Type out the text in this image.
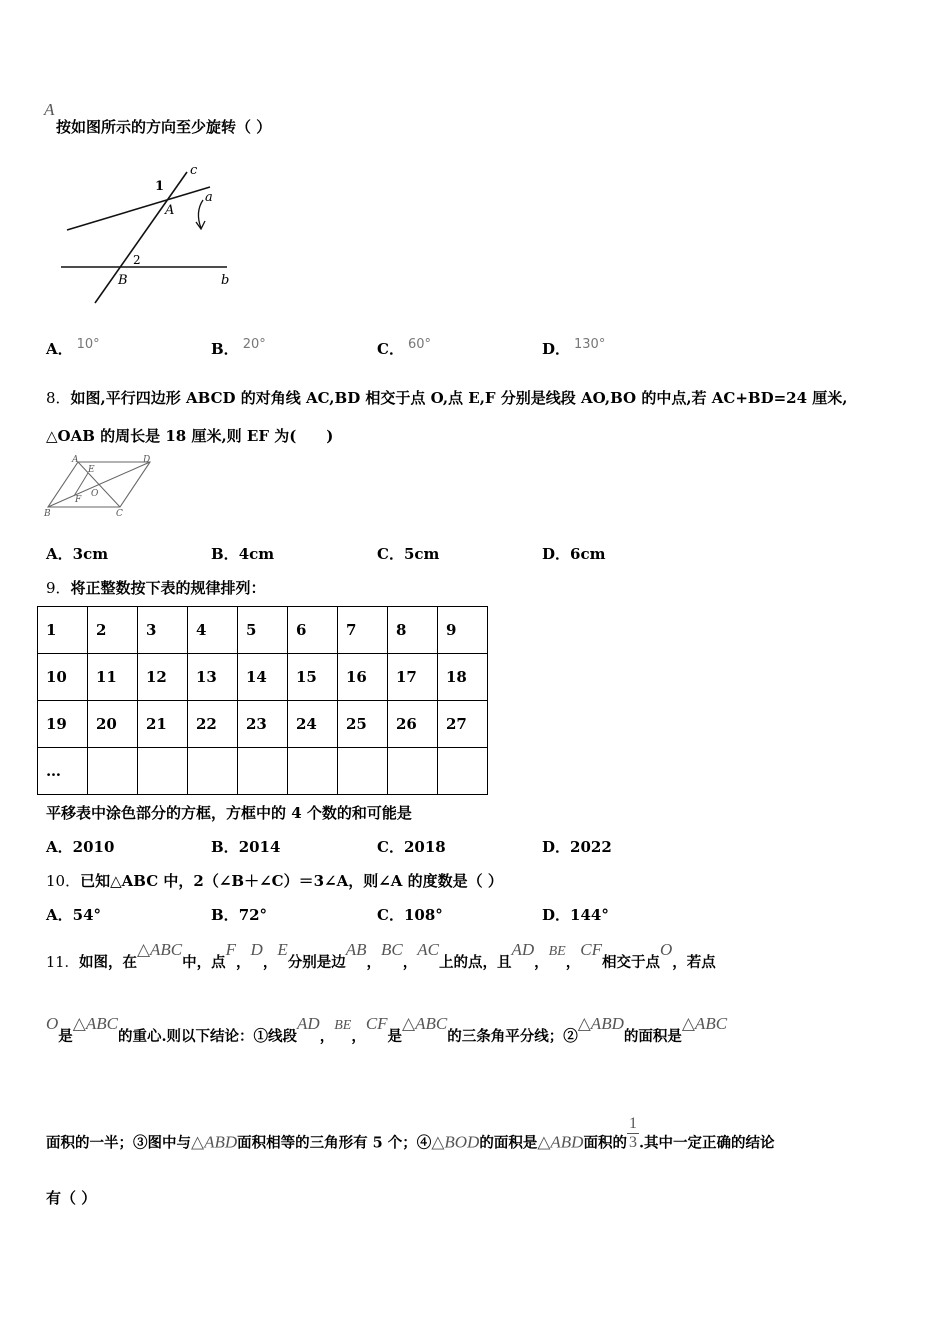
A
按如图所示的方向至少旋转（ ）
c
1
A
a
2
B	b
A． 10°	B． 20°	C． 60°	D． 130°
8．如图,平行四边形 ABCD 的对角线 AC,BD 相交于点 O,点 E,F 分别是线段 AO,BO 的中点,若 AC+BD=24 厘米,
△OAB 的周长是 18 厘米,则 EF 为(　　)
A	D
E
O
F
B	C
A．3cm	B．4cm	C．5cm	D．6cm
9．将正整数按下表的规律排列：
1	2	3	4	5	6	7	8	9
10	11	12	13	14	15	16	17	18
19	20	21	22	23	24	25	26	27
…								
平移表中涂色部分的方框，方框中的 4 个数的和可能是
A．2010	B．2014	C．2018	D．2022
10．已知△ABC 中，2（∠B＋∠C）＝3∠A，则∠A 的度数是（ ）
A．54°	B．72°	C．108°	D．144°
11．如图，在△ABC中，点F，D，E分别是边AB，BC，AC上的点，且AD，BE，CF相交于点O，若点
O是△ABC的重心.则以下结论：①线段AD，BE，CF是△ABC的三条角平分线；②△ABD的面积是△ABC
面积的一半；③图中与△ABD面积相等的三角形有 5 个；④△BOD的面积是△ABD面积的 $\frac{1}{3}$ .其中一定正确的结论
有（ ）
